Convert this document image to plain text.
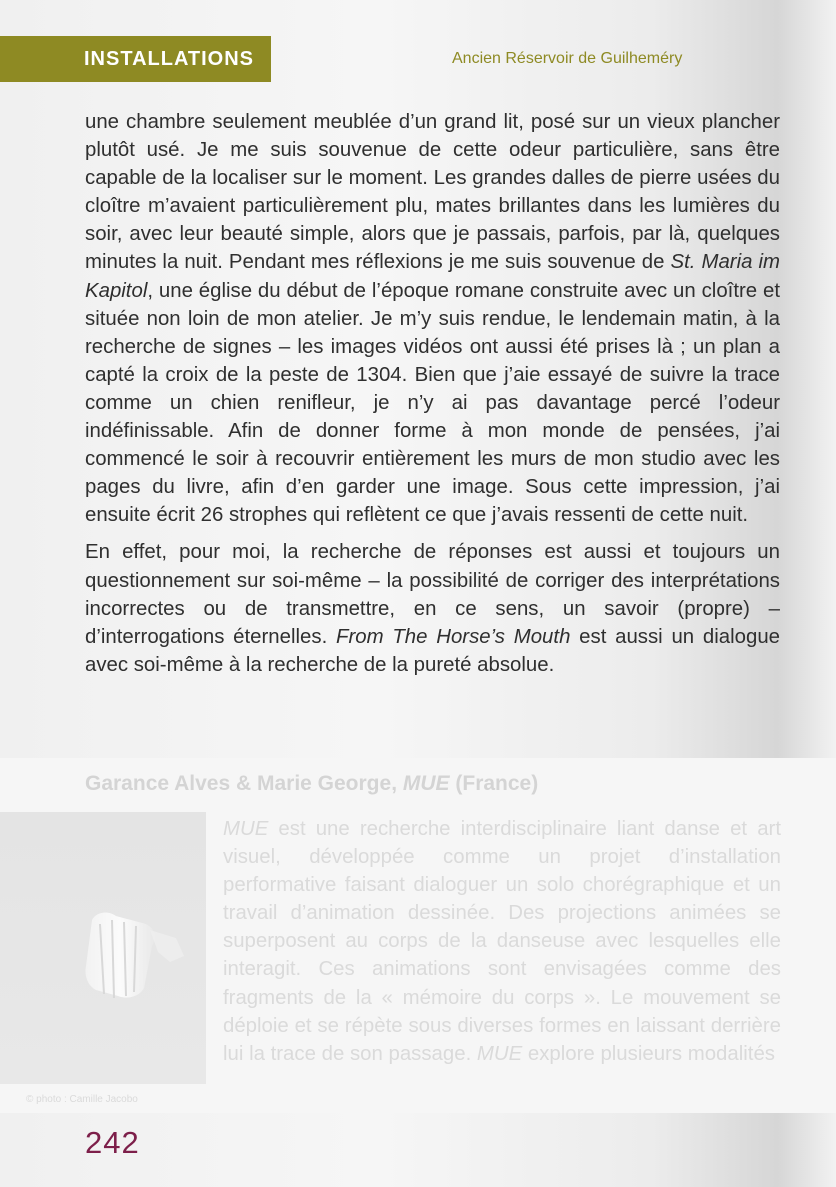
INSTALLATIONS	Ancien Réservoir de Guilheméry

une chambre seulement meublée d’un grand lit, posé sur un vieux plancher plutôt usé. Je me suis souvenue de cette odeur particulière, sans être capable de la localiser sur le moment. Les grandes dalles de pierre usées du cloître m’avaient particulièrement plu, mates brillantes dans les lumières du soir, avec leur beauté simple, alors que je passais, parfois, par là, quelques minutes la nuit. Pendant mes réflexions je me suis souvenue de St. Maria im Kapitol, une église du début de l’époque romane construite avec un cloître et située non loin de mon atelier. Je m’y suis rendue, le lendemain matin, à la recherche de signes – les images vidéos ont aussi été prises là ; un plan a capté la croix de la peste de 1304. Bien que j’aie essayé de suivre la trace comme un chien renifleur, je n’y ai pas davantage percé l’odeur indéfinissable. Afin de donner forme à mon monde de pensées, j’ai commencé le soir à recouvrir entièrement les murs de mon studio avec les pages du livre, afin d’en garder une image. Sous cette impression, j’ai ensuite écrit 26 strophes qui reflètent ce que j’avais ressenti de cette nuit.

En effet, pour moi, la recherche de réponses est aussi et toujours un questionnement sur soi-même – la possibilité de corriger des interprétations incorrectes ou de transmettre, en ce sens, un savoir (propre) – d’interrogations éternelles. From The Horse’s Mouth est aussi un dialogue avec soi-même à la recherche de la pureté absolue.

Garance Alves & Marie George, MUE (France)
© photo : Camille Jacobo
MUE est une recherche interdisciplinaire liant danse et art visuel, développée comme un projet d’installation performative faisant dialoguer un solo chorégraphique et un travail d’animation dessinée. Des projections animées se superposent au corps de la danseuse avec lesquelles elle interagit. Ces animations sont envisagées comme des fragments de la « mémoire du corps ». Le mouvement se déploie et se répète sous diverses formes en laissant derrière lui la trace de son passage. MUE explore plusieurs modalités
242
